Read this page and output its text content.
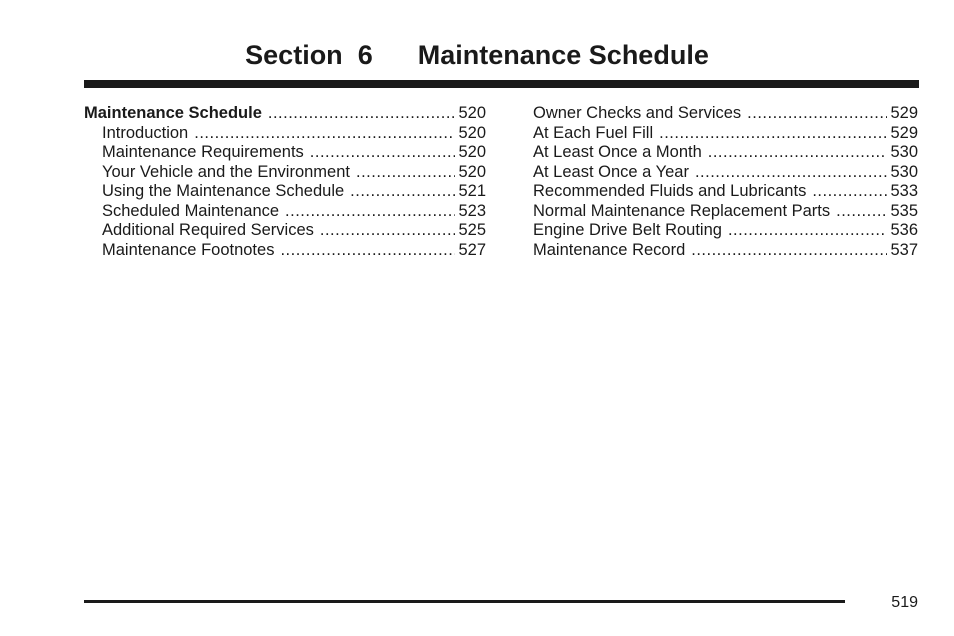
Section 6 Maintenance Schedule
Maintenance Schedule .....	520
Introduction .....	520
Maintenance Requirements .....	520
Your Vehicle and the Environment .....	520
Using the Maintenance Schedule .....	521
Scheduled Maintenance .....	523
Additional Required Services .....	525
Maintenance Footnotes .....	527
Owner Checks and Services .....	529
At Each Fuel Fill .....	529
At Least Once a Month .....	530
At Least Once a Year .....	530
Recommended Fluids and Lubricants .....	533
Normal Maintenance Replacement Parts .....	535
Engine Drive Belt Routing .....	536
Maintenance Record .....	537
519
